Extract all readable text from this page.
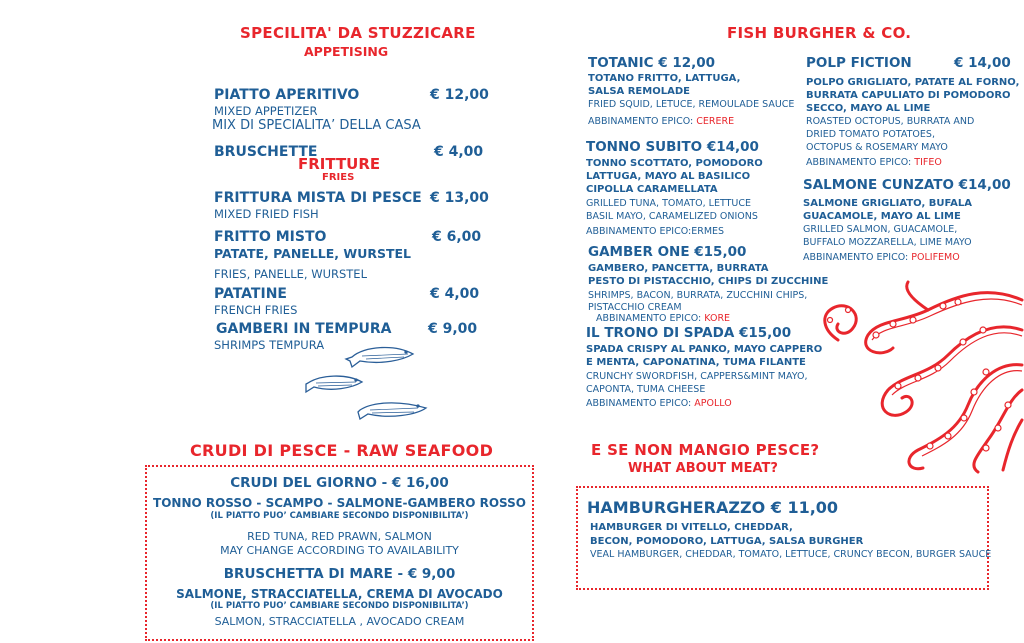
SPECILITA' DA STUZZICARE
APPETISING
PIATTO APERITIVO	€ 12,00
MIXED APPETIZER
MIX DI SPECIALITA’ DELLA CASA
BRUSCHETTE	€ 4,00
FRITTURE
FRIES
FRITTURA MISTA DI PESCE € 13,00
MIXED FRIED FISH
FRITTO MISTO	€ 6,00
PATATE, PANELLE, WURSTEL
FRIES, PANELLE, WURSTEL
PATATINE	€ 4,00
FRENCH FRIES
GAMBERI IN TEMPURA	€ 9,00
SHRIMPS TEMPURA
CRUDI DI PESCE - RAW SEAFOOD
CRUDI DEL GIORNO - € 16,00
TONNO ROSSO - SCAMPO - SALMONE-GAMBERO ROSSO
(IL PIATTO PUO’ CAMBIARE SECONDO DISPONIBILITA’)
RED TUNA, RED PRAWN, SALMON
MAY CHANGE ACCORDING TO AVAILABILITY
BRUSCHETTA DI MARE - € 9,00
SALMONE, STRACCIATELLA, CREMA DI AVOCADO
(IL PIATTO PUO’ CAMBIARE SECONDO DISPONIBILITA’)
SALMON, STRACCIATELLA , AVOCADO CREAM
FISH BURGHER & CO.
TOTANIC € 12,00
TOTANO FRITTO, LATTUGA,
SALSA REMOLADE
FRIED SQUID, LETUCE, REMOULADE SAUCE
ABBINAMENTO EPICO: CERERE
TONNO SUBITO €14,00
TONNO SCOTTATO, POMODORO
LATTUGA, MAYO AL BASILICO
CIPOLLA CARAMELLATA
GRILLED TUNA, TOMATO, LETTUCE
BASIL MAYO, CARAMELIZED ONIONS
ABBINAMENTO EPICO:ERMES
GAMBER ONE €15,00
GAMBERO, PANCETTA, BURRATA
PESTO DI PISTACCHIO, CHIPS DI ZUCCHINE
SHRIMPS, BACON, BURRATA, ZUCCHINI CHIPS,
PISTACCHIO CREAM
ABBINAMENTO EPICO: KORE
IL TRONO DI SPADA €15,00
SPADA CRISPY AL PANKO, MAYO CAPPERO
E MENTA, CAPONATINA, TUMA FILANTE
CRUNCHY SWORDFISH, CAPPERS&MINT MAYO,
CAPONTA, TUMA CHEESE
ABBINAMENTO EPICO: APOLLO
POLP FICTION	€ 14,00
POLPO GRIGLIATO, PATATE AL FORNO,
BURRATA CAPULIATO DI POMODORO
SECCO, MAYO AL LIME
ROASTED OCTOPUS, BURRATA AND
DRIED TOMATO POTATOES,
OCTOPUS & ROSEMARY MAYO
ABBINAMENTO EPICO: TIFEO
SALMONE CUNZATO €14,00
SALMONE GRIGLIATO, BUFALA
GUACAMOLE, MAYO AL LIME
GRILLED SALMON, GUACAMOLE,
BUFFALO MOZZARELLA, LIME MAYO
ABBINAMENTO EPICO: POLIFEMO
E SE NON MANGIO PESCE?
WHAT ABOUT MEAT?
HAMBURGHERAZZO € 11,00
HAMBURGER DI VITELLO, CHEDDAR,
BECON, POMODORO, LATTUGA, SALSA BURGHER
VEAL HAMBURGER, CHEDDAR, TOMATO, LETTUCE, CRUNCY BECON, BURGER SAUCE
